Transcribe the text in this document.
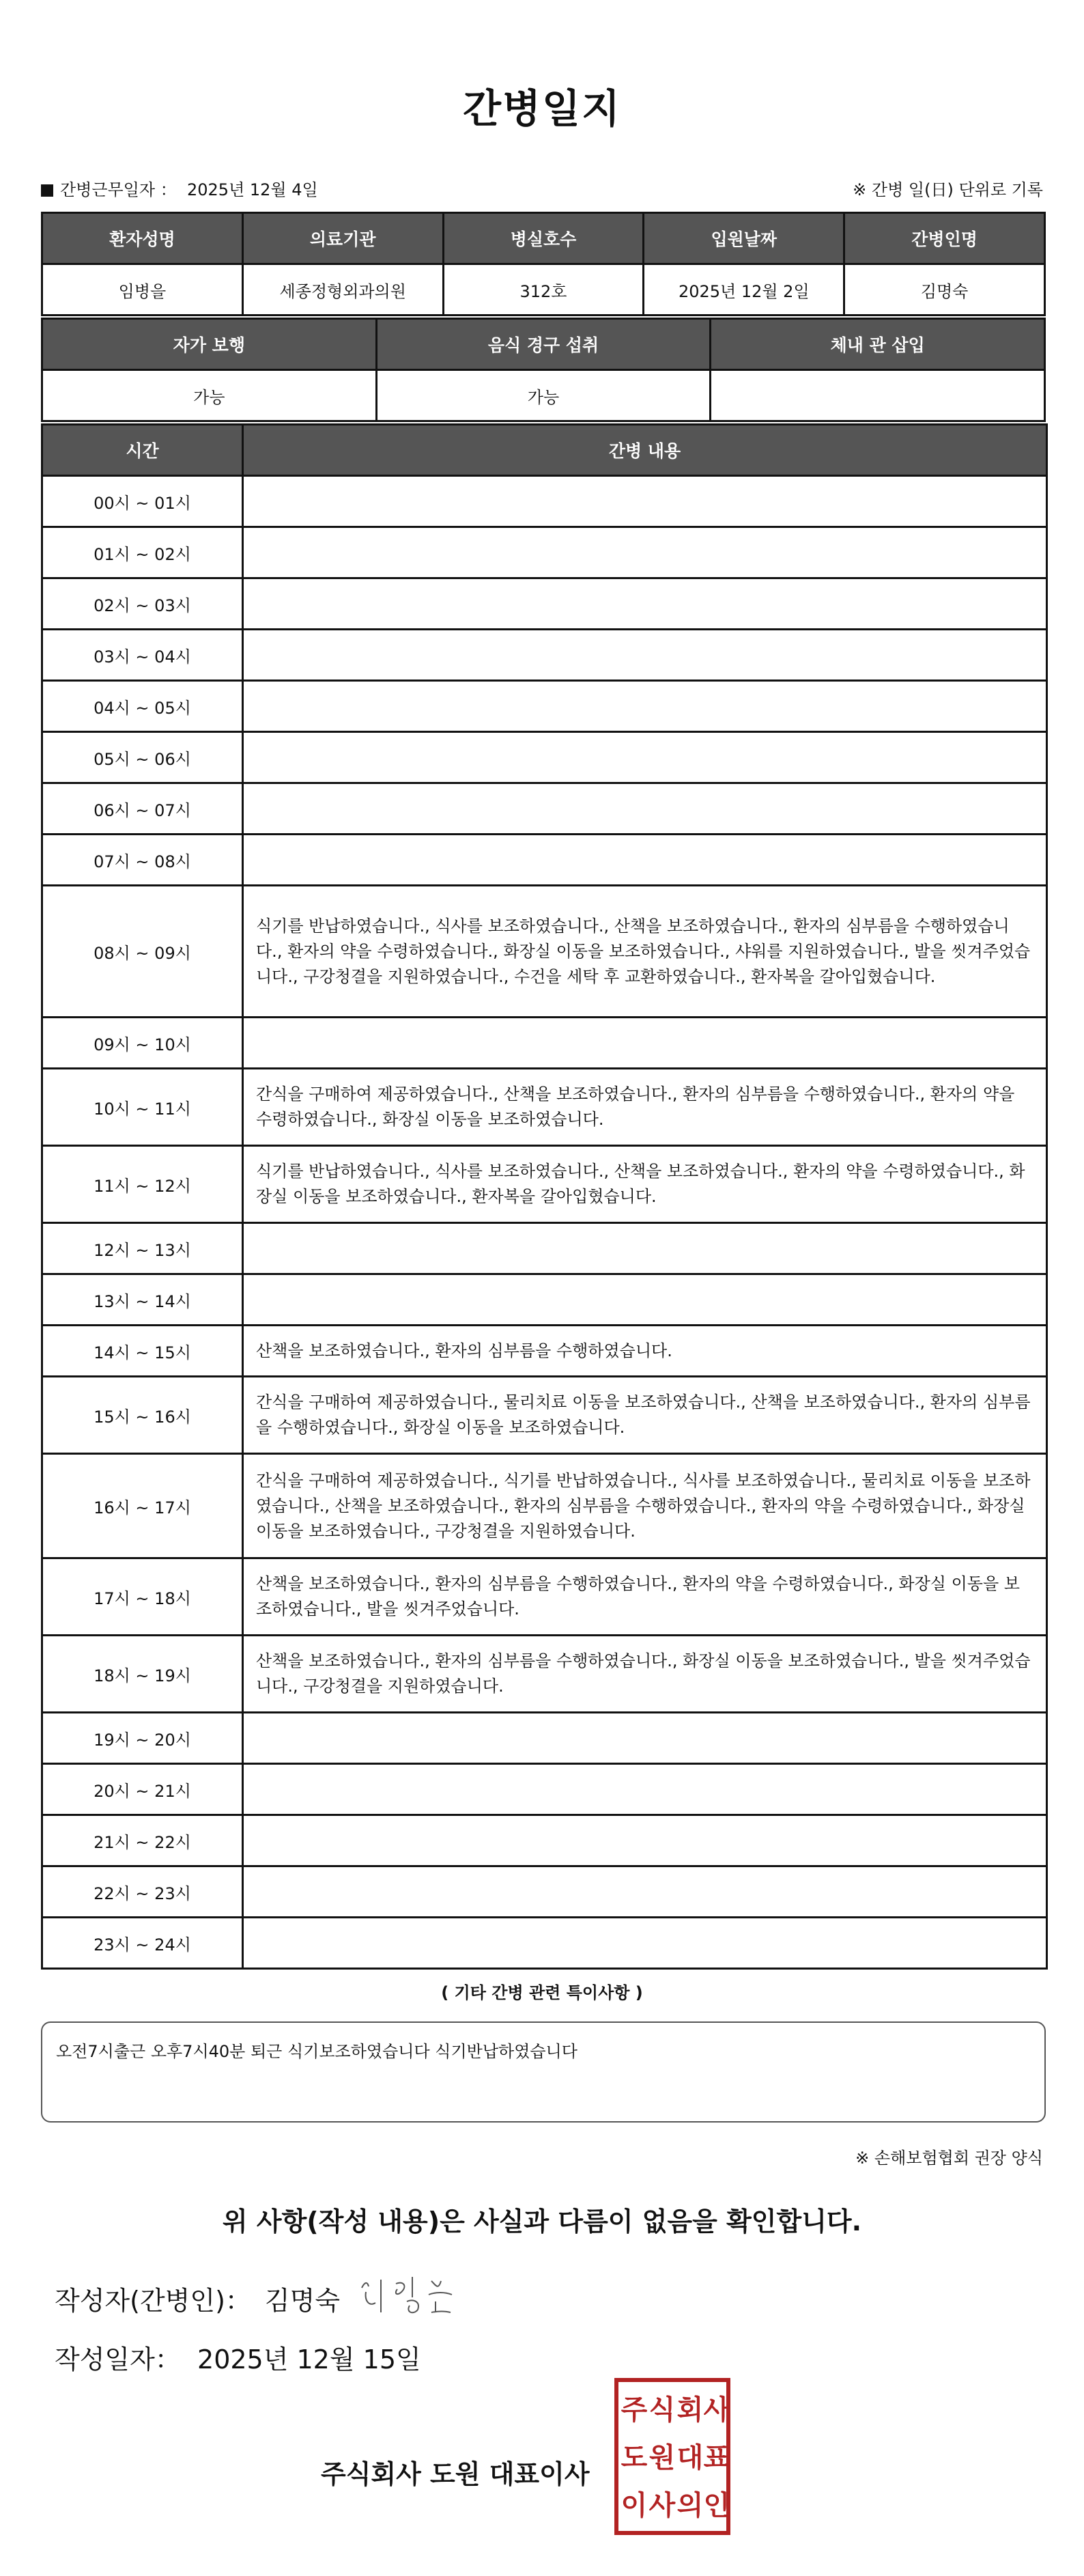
간병일지
간병근무일자 ： 2025년 12월 4일	※ 간병 일(日) 단위로 기록
환자성명	의료기관	병실호수	입원날짜	간병인명
임병을	세종정형외과의원	312호	2025년 12월 2일	김명숙
자가 보행	음식 경구 섭취	체내 관 삽입
가능	가능	
시간	간병 내용
00시 ~ 01시	
01시 ~ 02시	
02시 ~ 03시	
03시 ~ 04시	
04시 ~ 05시	
05시 ~ 06시	
06시 ~ 07시	
07시 ~ 08시	
08시 ~ 09시	식기를 반납하였습니다., 식사를 보조하였습니다., 산책을 보조하였습니다., 환자의 심부름을 수행하였습니다., 환자의 약을 수령하였습니다., 화장실 이동을 보조하였습니다., 샤워를 지원하였습니다., 발을 씻겨주었습니다., 구강청결을 지원하였습니다., 수건을 세탁 후 교환하였습니다., 환자복을 갈아입혔습니다.
09시 ~ 10시	
10시 ~ 11시	간식을 구매하여 제공하였습니다., 산책을 보조하였습니다., 환자의 심부름을 수행하였습니다., 환자의 약을 수령하였습니다., 화장실 이동을 보조하였습니다.
11시 ~ 12시	식기를 반납하였습니다., 식사를 보조하였습니다., 산책을 보조하였습니다., 환자의 약을 수령하였습니다., 화장실 이동을 보조하였습니다., 환자복을 갈아입혔습니다.
12시 ~ 13시	
13시 ~ 14시	
14시 ~ 15시	산책을 보조하였습니다., 환자의 심부름을 수행하였습니다.
15시 ~ 16시	간식을 구매하여 제공하였습니다., 물리치료 이동을 보조하였습니다., 산책을 보조하였습니다., 환자의 심부름을 수행하였습니다., 화장실 이동을 보조하였습니다.
16시 ~ 17시	간식을 구매하여 제공하였습니다., 식기를 반납하였습니다., 식사를 보조하였습니다., 물리치료 이동을 보조하였습니다., 산책을 보조하였습니다., 환자의 심부름을 수행하였습니다., 환자의 약을 수령하였습니다., 화장실 이동을 보조하였습니다., 구강청결을 지원하였습니다.
17시 ~ 18시	산책을 보조하였습니다., 환자의 심부름을 수행하였습니다., 환자의 약을 수령하였습니다., 화장실 이동을 보조하였습니다., 발을 씻겨주었습니다.
18시 ~ 19시	산책을 보조하였습니다., 환자의 심부름을 수행하였습니다., 화장실 이동을 보조하였습니다., 발을 씻겨주었습니다., 구강청결을 지원하였습니다.
19시 ~ 20시	
20시 ~ 21시	
21시 ~ 22시	
22시 ~ 23시	
23시 ~ 24시	
( 기타 간병 관련 특이사항 )
오전7시출근 오후7시40분 퇴근 식기보조하였습니다 식기반납하였습니다
※ 손해보험협회 권장 양식
위 사항(작성 내용)은 사실과 다름이 없음을 확인합니다.
작성자(간병인)： 김명숙
작성일자： 2025년 12월 15일
주식회사 도원 대표이사
주 식 회 사
도 원 대 표
이 사 의 인
